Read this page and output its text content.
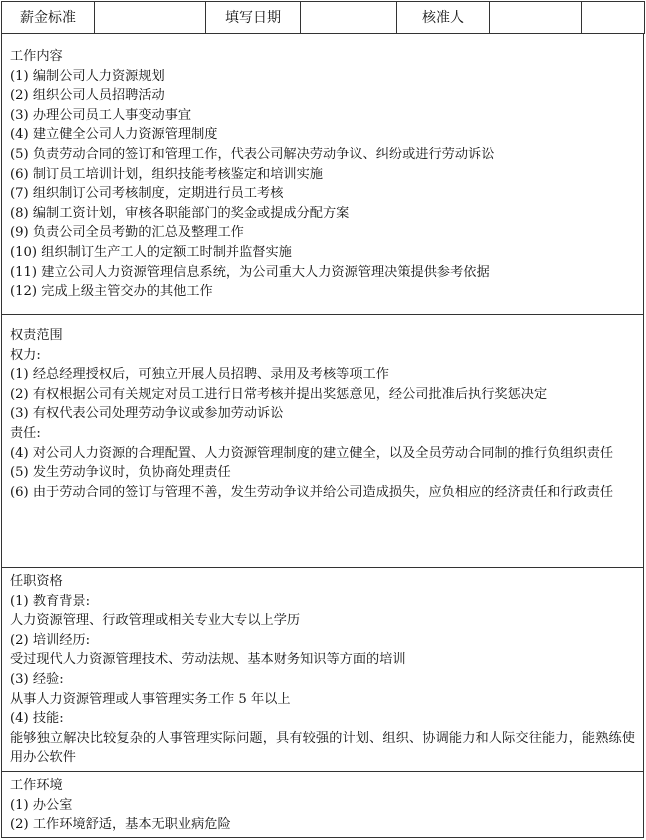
薪金标准		填写日期		核准人		
工作内容
(1) 编制公司人力资源规划
(2) 组织公司人员招聘活动
(3) 办理公司员工人事变动事宜
(4) 建立健全公司人力资源管理制度
(5) 负责劳动合同的签订和管理工作，代表公司解决劳动争议、纠纷或进行劳动诉讼
(6) 制订员工培训计划，组织技能考核鉴定和培训实施
(7) 组织制订公司考核制度，定期进行员工考核
(8) 编制工资计划，审核各职能部门的奖金或提成分配方案
(9) 负责公司全员考勤的汇总及整理工作
(10) 组织制订生产工人的定额工时制并监督实施
(11) 建立公司人力资源管理信息系统，为公司重大人力资源管理决策提供参考依据
(12) 完成上级主管交办的其他工作
权责范围
权力:
(1) 经总经理授权后，可独立开展人员招聘、录用及考核等项工作
(2) 有权根据公司有关规定对员工进行日常考核并提出奖惩意见，经公司批准后执行奖惩决定
(3) 有权代表公司处理劳动争议或参加劳动诉讼
责任:
(4) 对公司人力资源的合理配置、人力资源管理制度的建立健全，以及全员劳动合同制的推行负组织责任
(5) 发生劳动争议时，负协商处理责任
(6) 由于劳动合同的签订与管理不善，发生劳动争议并给公司造成损失，应负相应的经济责任和行政责任
任职资格
(1) 教育背景:
人力资源管理、行政管理或相关专业大专以上学历
(2) 培训经历:
受过现代人力资源管理技术、劳动法规、基本财务知识等方面的培训
(3) 经验:
从事人力资源管理或人事管理实务工作 5 年以上
(4) 技能:
能够独立解决比较复杂的人事管理实际问题，具有较强的计划、组织、协调能力和人际交往能力，能熟练使用办公软件
工作环境
(1) 办公室
(2) 工作环境舒适，基本无职业病危险
